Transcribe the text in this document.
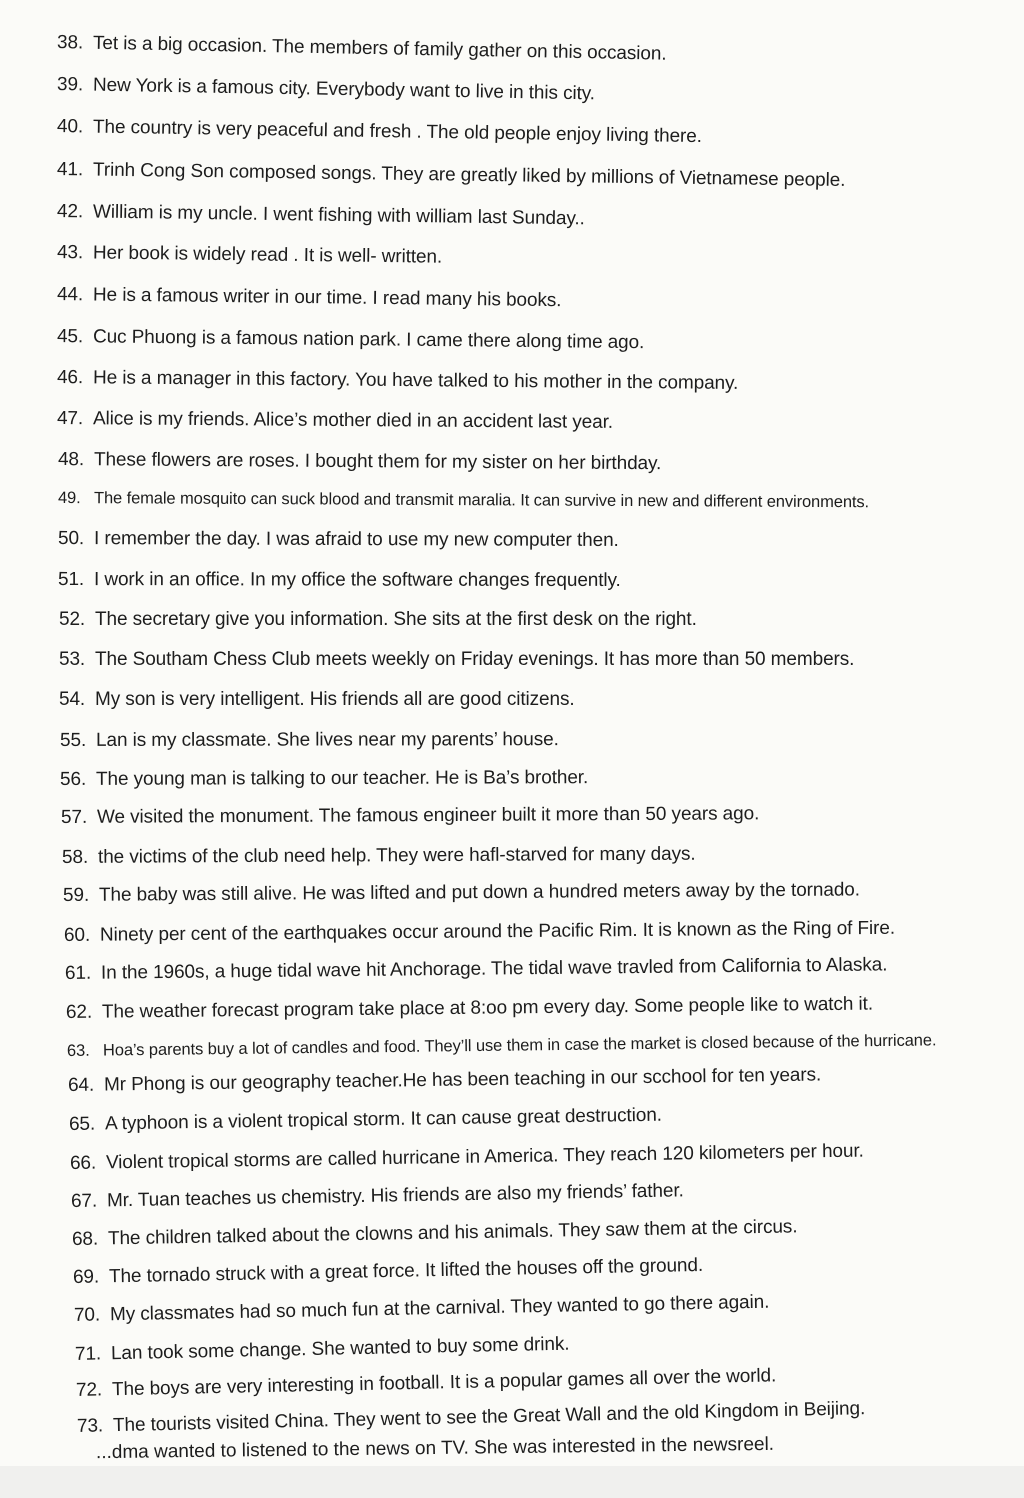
38. Tet is a big occasion. The members of family gather on this occasion.
39. New York is a famous city. Everybody want to live in this city.
40. The country is very peaceful and fresh . The old people enjoy living there.
41. Trinh Cong Son composed songs. They are greatly liked by millions of Vietnamese people.
42. William is my uncle. I went fishing with william last Sunday..
43. Her book is widely read . It is well- written.
44. He is a famous writer in our time. I read many his books.
45. Cuc Phuong is a famous nation park. I came there along time ago.
46. He is a manager in this factory. You have talked to his mother in the company.
47. Alice is my friends. Alice’s mother died in an accident last year.
48. These flowers are roses. I bought them for my sister on her birthday.
49. The female mosquito can suck blood and transmit maralia. It can survive in new and different environments.
50. I remember the day. I was afraid to use my new computer then.
51. I work in an office. In my office the software changes frequently.
52. The secretary give you information. She sits at the first desk on the right.
53. The Southam Chess Club meets weekly on Friday evenings. It has more than 50 members.
54. My son is very intelligent. His friends all are good citizens.
55. Lan is my classmate. She lives near my parents’ house.
56. The young man is talking to our teacher. He is Ba’s brother.
57. We visited the monument. The famous engineer built it more than 50 years ago.
58. the victims of the club need help. They were hafl-starved for many days.
59. The baby was still alive. He was lifted and put down a hundred meters away by the tornado.
60. Ninety per cent of the earthquakes occur around the Pacific Rim. It is known as the Ring of Fire.
61. In the 1960s, a huge tidal wave hit Anchorage. The tidal wave travled from California to Alaska.
62. The weather forecast program take place at 8:oo pm every day. Some people like to watch it.
63. Hoa’s parents buy a lot of candles and food. They’ll use them in case the market is closed because of the hurricane.
64. Mr Phong is our geography teacher.He has been teaching in our scchool for ten years.
65. A typhoon is a violent tropical storm. It can cause great destruction.
66. Violent tropical storms are called hurricane in America. They reach 120 kilometers per hour.
67. Mr. Tuan teaches us chemistry. His friends are also my friends’ father.
68. The children talked about the clowns and his animals. They saw them at the circus.
69. The tornado struck with a great force. It lifted the houses off the ground.
70. My classmates had so much fun at the carnival. They wanted to go there again.
71. Lan took some change. She wanted to buy some drink.
72. The boys are very interesting in football. It is a popular games all over the world.
73. The tourists visited China. They went to see the Great Wall and the old Kingdom in Beijing.
...dma wanted to listened to the news on TV. She was interested in the newsreel.
